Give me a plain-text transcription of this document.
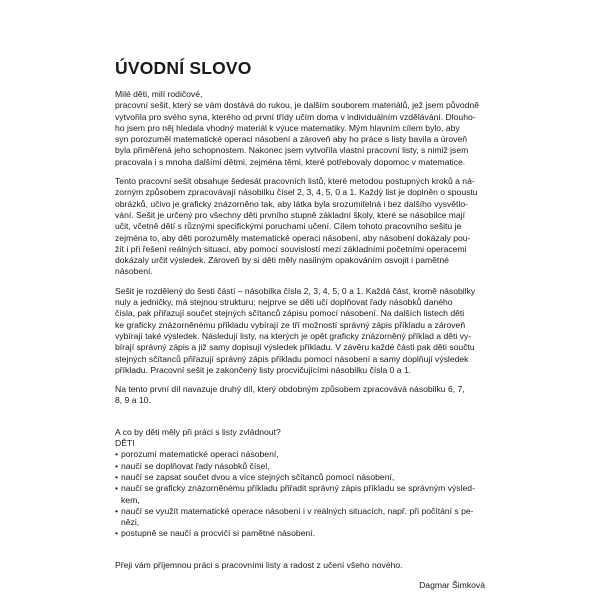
ÚVODNÍ SLOVO
Milé děti, milí rodičové,
pracovní sešit, který se vám dostává do rukou, je dalším souborem materiálů, jež jsem původně
vytvořila pro svého syna, kterého od první třídy učím doma v individuálním vzdělávání. Dlouho-
ho jsem pro něj hledala vhodný materiál k výuce matematiky. Mým hlavním cílem bylo, aby
syn porozuměl matematické operaci násobení a zároveň aby ho práce s listy bavila a úroveň
byla přiměřená jeho schopnostem. Nakonec jsem vytvořila vlastní pracovní listy, s nimiž jsem
pracovala i s mnoha dalšími dětmi, zejména těmi, které potřebovaly dopomoc v matematice.
Tento pracovní sešit obsahuje šedesát pracovních listů, které metodou postupných kroků a ná-
zorným způsobem zpracovávají násobilku čísel 2, 3, 4, 5, 0 a 1. Každý list je doplněn o spoustu
obrázků, učivo je graficky znázorněno tak, aby látka byla srozumitelná i bez dalšího vysvětlo-
vání. Sešit je určený pro všechny děti prvního stupně základní školy, které se násobilce mají
učit, včetně dětí s různými specifickými poruchami učení. Cílem tohoto pracovního sešitu je
zejména to, aby děti porozuměly matematické operaci násobení, aby násobení dokázaly pou-
žít i při řešení reálných situací, aby pomocí souvislostí mezi základními početními operacemi
dokázaly určit výsledek. Zároveň by si děti měly nasilným opakováním osvojit i pamětné
násobení.
Sešit je rozdělený do šesti částí – násobilka čísla 2, 3, 4, 5, 0 a 1. Každá část, kromě násobilky
nuly a jedničky, má stejnou strukturu: nejprve se děti učí doplňovat řady násobků daného
čísla, pak přiřazují součet stejných sčítanců zápisu pomocí násobení. Na dalších listech děti
ke graficky znázorněnému příkladu vybírají ze tří možností správný zápis příkladu a zároveň
vybírají také výsledek. Následují listy, na kterých je opět graficky znázorněný příklad a děti vy-
bírají správný zápis a již samy dopisují výsledek příkladu. V závěru každé části pak děti součtu
stejných sčítanců přiřazují správný zápis příkladu pomocí násobení a samy doplňují výsledek
příkladu. Pracovní sešit je zakončený listy procvičujícími násobilku čísla 0 a 1.
Na tento první díl navazuje druhý díl, který obdobným způsobem zpracovává násobilku 6, 7,
8, 9 a 10.
A co by děti měly při práci s listy zvládnout?
DĚTI
• porozumí matematické operaci násobení,
• naučí se doplňovat řady násobků čísel,
• naučí se zapsat součet dvou a více stejných sčítanců pomocí násobení,
• naučí se graficky znázorněnému příkladu přiřadit správný zápis příkladu se správným výsled-
kem,
• naučí se využít matematické operace násobení i v reálných situacích, např. při počítání s pe-
nězi,
• postupně se naučí a procvičí si pamětné násobení.
Přeji vám příjemnou práci s pracovními listy a radost z učení všeho nového.
Dagmar Šimková
